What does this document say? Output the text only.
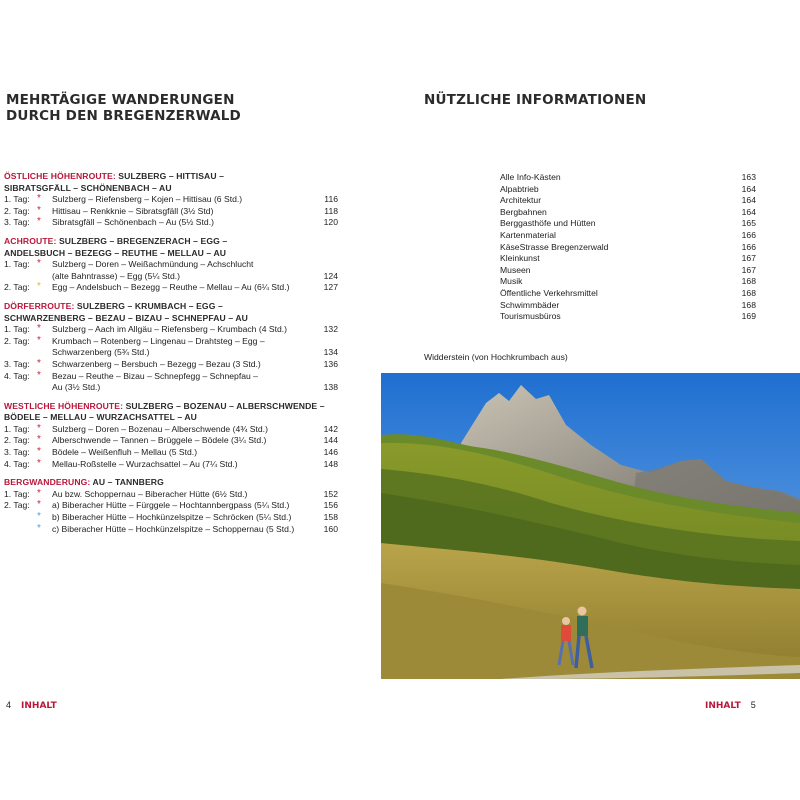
MEHRTÄGIGE WANDERUNGEN
DURCH DEN BREGENZERWALD
ÖSTLICHE HÖHENROUTE: SULZBERG – HITTISAU –
SIBRATSGFÄLL – SCHÖNENBACH – AU
1. Tag: * Sulzberg – Riefensberg – Kojen – Hittisau (6 Std.)	116
2. Tag: * Hittisau – Renkknie – Sibratsgfäll (3½ Std)	118
3. Tag: * Sibratsgfäll – Schönenbach – Au (5½ Std.)	120
ACHROUTE: SULZBERG – BREGENZERACH – EGG –
ANDELSBUCH – BEZEGG – REUTHE – MELLAU – AU
1. Tag: * Sulzberg – Doren – Weißachmündung – Achschlucht
(alte Bahntrasse) – Egg (5¼ Std.)	124
2. Tag: * Egg – Andelsbuch – Bezegg – Reuthe – Mellau – Au (6¼ Std.)	127
DÖRFERROUTE: SULZBERG – KRUMBACH – EGG –
SCHWARZENBERG – BEZAU – BIZAU – SCHNEPFAU – AU
1. Tag: * Sulzberg – Aach im Allgäu – Riefensberg – Krumbach (4 Std.)	132
2. Tag: * Krumbach – Rotenberg – Lingenau – Drahtsteg – Egg –
Schwarzenberg (5¾ Std.)	134
3. Tag: * Schwarzenberg – Bersbuch – Bezegg – Bezau (3 Std.)	136
4. Tag: * Bezau – Reuthe – Bizau – Schnepfegg – Schnepfau –
Au (3½ Std.)	138
WESTLICHE HÖHENROUTE: SULZBERG – BOZENAU – ALBERSCHWENDE –
BÖDELE – MELLAU – WURZACHSATTEL – AU
1. Tag: * Sulzberg – Doren – Bozenau – Alberschwende (4¾ Std.)	142
2. Tag: * Alberschwende – Tannen – Brüggele – Bödele (3¼ Std.)	144
3. Tag: * Bödele – Weißenfluh – Mellau (5 Std.)	146
4. Tag: * Mellau-Roßstelle – Wurzachsattel – Au (7¼ Std.)	148
BERGWANDERUNG: AU – TANNBERG
1. Tag: * Au bzw. Schoppernau – Biberacher Hütte (6½ Std.)	152
2. Tag: * a) Biberacher Hütte – Fürggele – Hochtannbergpass (5¼ Std.)	156
* b) Biberacher Hütte – Hochkünzelspitze – Schröcken (5¼ Std.)	158
* c) Biberacher Hütte – Hochkünzelspitze – Schoppernau (5 Std.)	160
4 INHALT
NÜTZLICHE INFORMATIONEN
Alle Info-Kästen	163
Alpabtrieb	164
Architektur	164
Bergbahnen	164
Berggasthöfe und Hütten	165
Kartenmaterial	166
KäseStrasse Bregenzerwald	166
Kleinkunst	167
Museen	167
Musik	168
Öffentliche Verkehrsmittel	168
Schwimmbäder	168
Tourismusbüros	169
Widderstein (von Hochkrumbach aus)
INHALT 5
